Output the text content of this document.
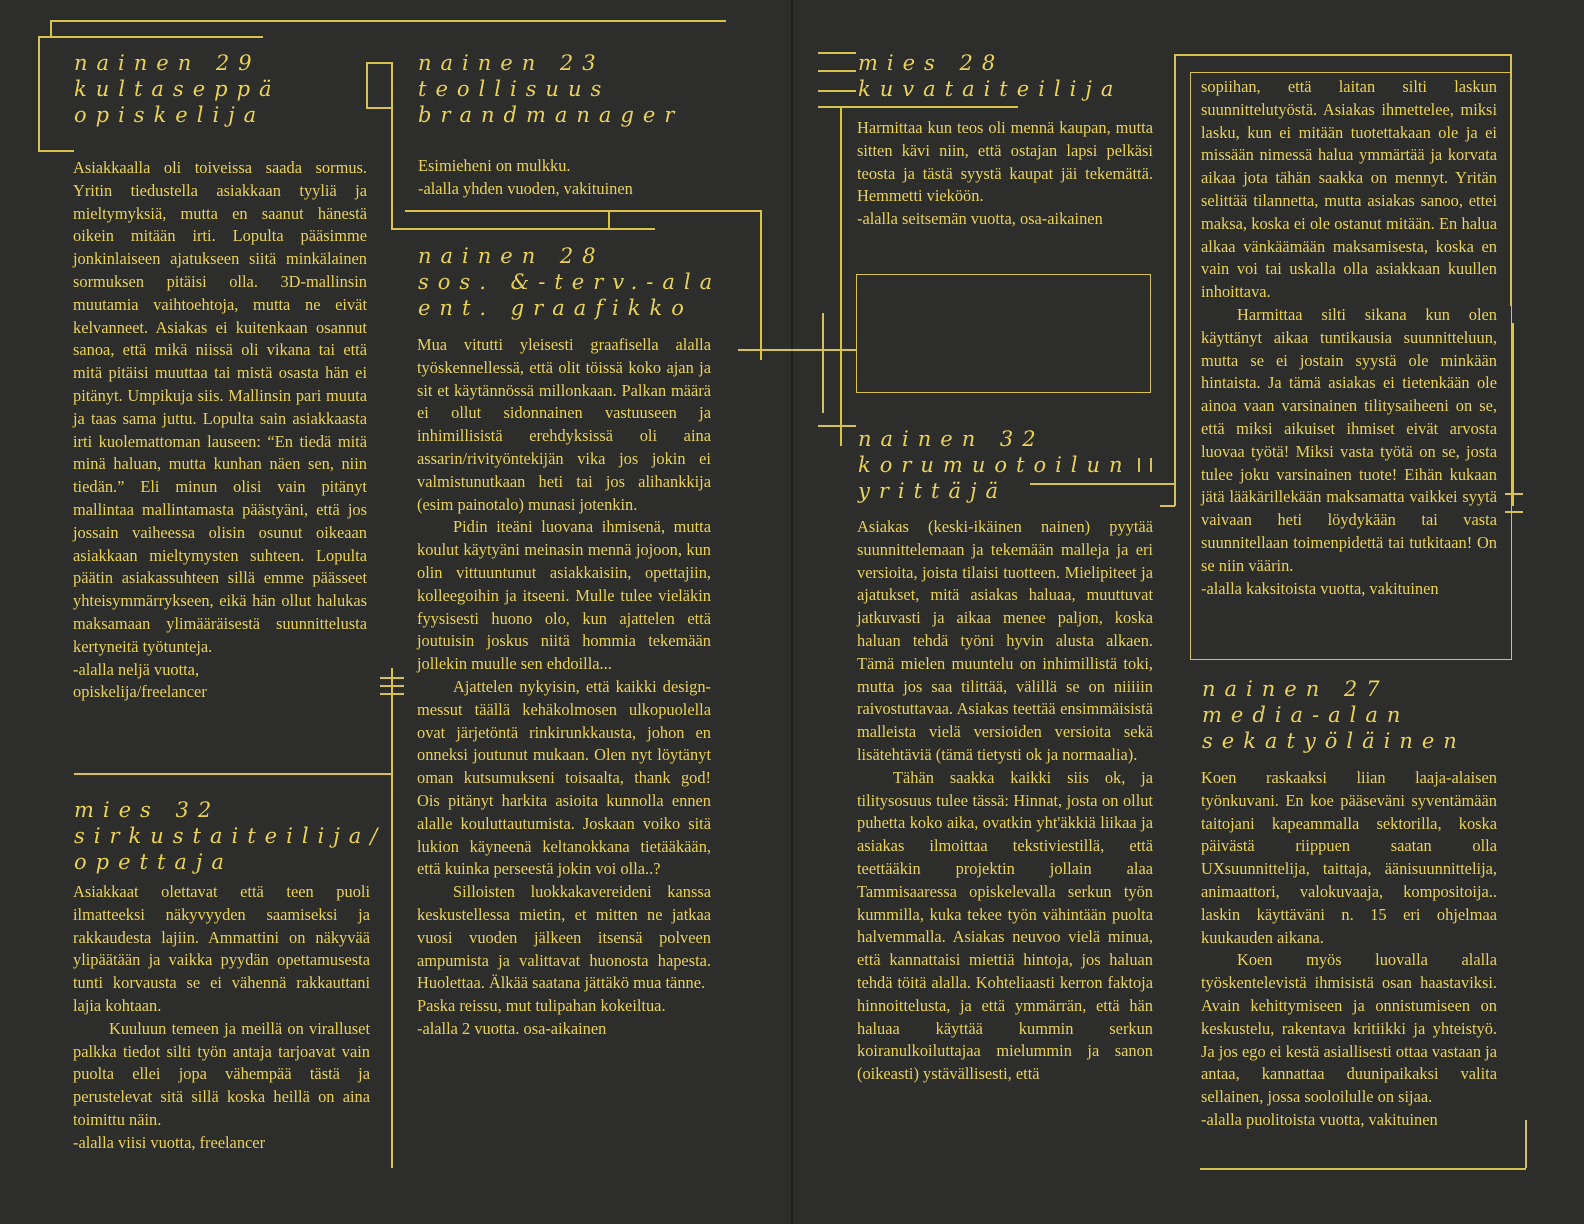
nainen 29
kultaseppä
opiskelija

Asiakkaalla oli toiveissa saada sormus. Yritin tiedustella asiakkaan tyyliä ja mieltymyksiä, mutta en saanut hänestä oikein mitään irti. Lopulta pääsimme jonkinlaiseen ajatukseen siitä minkälainen sormuksen pitäisi olla. 3D-mallinsin muutamia vaihtoehtoja, mutta ne eivät kelvanneet. Asiakas ei kuitenkaan osannut sanoa, että mikä niissä oli vikana tai että mitä pitäisi muuttaa tai mistä osasta hän ei pitänyt. Umpikuja siis. Mallinsin pari muuta ja taas sama juttu. Lopulta sain asiakkaasta irti kuolemattoman lauseen: “En tiedä mitä minä haluan, mutta kunhan näen sen, niin tiedän.” Eli minun olisi vain pitänyt mallintaa mallintamasta päästyäni, että jos jossain vaiheessa olisin osunut oikeaan asiakkaan mieltymysten suhteen. Lopulta päätin asiakassuhteen sillä emme päässeet yhteisymmärrykseen, eikä hän ollut halukas maksamaan ylimääräisestä suunnittelusta kertyneitä työtunteja.

-alalla neljä vuotta,

opiskelija/freelancer

mies 32
sirkustaiteilija/
opettaja

Asiakkaat olettavat että teen puoli ilmatteeksi näkyvyyden saamiseksi ja rakkaudesta lajiin. Ammattini on näkyvää ylipäätään ja vaikka pyydän opettamusesta tunti korvausta se ei vähennä rakkauttani lajia kohtaan.

Kuuluun temeen ja meillä on viralluset palkka tiedot silti työn antaja tarjoavat vain puolta ellei jopa vähempää tästä ja perustelevat sitä sillä koska heillä on aina toimittu näin.

-alalla viisi vuotta, freelancer

nainen 23
teollisuus
brandmanager

Esimieheni on mulkku.

-alalla yhden vuoden, vakituinen

nainen 28
sos. &-terv.-ala
ent. graafikko

Mua vitutti yleisesti graafisella alalla työskennellessä, että olit töissä koko ajan ja sit et käytännössä millonkaan. Palkan määrä ei ollut sidonnainen vastuuseen ja inhimillisistä erehdyksissä oli aina assarin/rivityöntekijän vika jos jokin ei valmistunutkaan heti tai jos alihankkija (esim painotalo) munasi jotenkin.

Pidin iteäni luovana ihmisenä, mutta koulut käytyäni meinasin mennä jojoon, kun olin vittuuntunut asiakkaisiin, opettajiin, kolleegoihin ja itseeni. Mulle tulee vieläkin fyysisesti huono olo, kun ajattelen että joutuisin joskus niitä hommia tekemään jollekin muulle sen ehdoilla...

Ajattelen nykyisin, että kaikki design-messut täällä kehäkolmosen ulkopuolella ovat järjetöntä rinkirunkkausta, johon en onneksi joutunut mukaan. Olen nyt löytänyt oman kutsumukseni toisaalta, thank god! Ois pitänyt harkita asioita kunnolla ennen alalle kouluttautumista. Joskaan voiko sitä lukion käyneenä keltanokkana tietääkään, että kuinka perseestä jokin voi olla..?

Silloisten luokkakavereideni kanssa keskustellessa mietin, et mitten ne jatkaa vuosi vuoden jälkeen itsensä polveen ampumista ja valittavat huonosta hapesta. Huolettaa. Älkää saatana jättäkö mua tänne.

Paska reissu, mut tulipahan kokeiltua.

-alalla 2 vuotta. osa-aikainen

mies 28
kuvataiteilija

Harmittaa kun teos oli mennä kaupan, mutta sitten kävi niin, että ostajan lapsi pelkäsi teosta ja tästä syystä kaupat jäi tekemättä. Hemmetti vieköön.

-alalla seitsemän vuotta, osa-aikainen

nainen 32
korumuotoilun
yrittäjä

Asiakas (keski-ikäinen nainen) pyytää suunnittelemaan ja tekemään malleja ja eri versioita, joista tilaisi tuotteen. Mielipiteet ja ajatukset, mitä asiakas haluaa, muuttuvat jatkuvasti ja aikaa menee paljon, koska haluan tehdä työni hyvin alusta alkaen. Tämä mielen muuntelu on inhimillistä toki, mutta jos saa tilittää, välillä se on niiiiin raivostuttavaa. Asiakas teettää ensimmäisistä malleista vielä versioiden versioita sekä lisätehtäviä (tämä tietysti ok ja normaalia).

Tähän saakka kaikki siis ok, ja tilitysosuus tulee tässä: Hinnat, josta on ollut puhetta koko aika, ovatkin yht'äkkiä liikaa ja asiakas ilmoittaa tekstiviestillä, että teettääkin projektin jollain alaa Tammisaaressa opiskelevalla serkun työn kummilla, kuka tekee työn vähintään puolta halvemmalla. Asiakas neuvoo vielä minua, että kannattaisi miettiä hintoja, jos haluan tehdä töitä alalla. Kohteliaasti kerron faktoja hinnoittelusta, ja että ymmärrän, että hän haluaa käyttää kummin serkun koiranulkoiluttajaa mielummin ja sanon (oikeasti) ystävällisesti, että

sopiihan, että laitan silti laskun suunnittelutyöstä. Asiakas ihmettelee, miksi lasku, kun ei mitään tuotettakaan ole ja ei missään nimessä halua ymmärtää ja korvata aikaa jota tähän saakka on mennyt. Yritän selittää tilannetta, mutta asiakas sanoo, ettei maksa, koska ei ole ostanut mitään. En halua alkaa vänkäämään maksamisesta, koska en vain voi tai uskalla olla asiakkaan kuullen inhoittava.

Harmittaa silti sikana kun olen käyttänyt aikaa tuntikausia suunnitteluun, mutta se ei jostain syystä ole minkään hintaista. Ja tämä asiakas ei tietenkään ole ainoa vaan varsinainen tilitysaiheeni on se, että miksi aikuiset ihmiset eivät arvosta luovaa työtä! Miksi vasta työtä on se, josta tulee joku varsinainen tuote! Eihän kukaan jätä lääkärillekään maksamatta vaikkei syytä vaivaan heti löydykään tai vasta suunnitellaan toimenpidettä tai tutkitaan! On se niin väärin.

-alalla kaksitoista vuotta, vakituinen

nainen 27
media-alan
sekatyöläinen

Koen raskaaksi liian laaja-alaisen työnkuvani. En koe pääseväni syventämään taitojani kapeammalla sektorilla, koska päivästä riippuen saatan olla UXsuunnittelija, taittaja, äänisuunnittelija, animaattori, valokuvaaja, kompositoija.. laskin käyttäväni n. 15 eri ohjelmaa kuukauden aikana.

Koen myös luovalla alalla työskentelevistä ihmisistä osan haastaviksi. Avain kehittymiseen ja onnistumiseen on keskustelu, rakentava kritiikki ja yhteistyö. Ja jos ego ei kestä asiallisesti ottaa vastaan ja antaa, kannattaa duunipaikaksi valita sellainen, jossa sooloilulle on sijaa.

-alalla puolitoista vuotta, vakituinen
